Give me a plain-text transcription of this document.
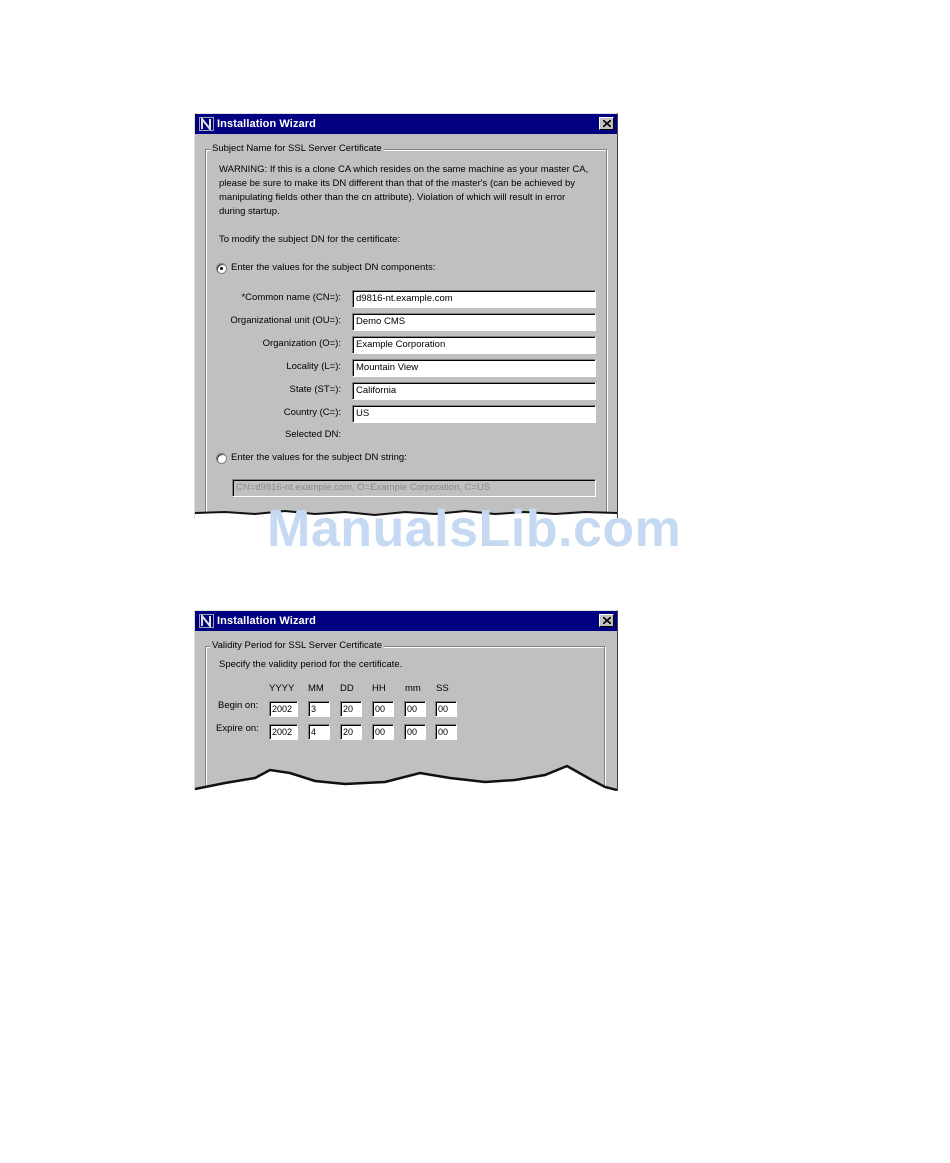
Installation Wizard
Subject Name for SSL Server Certificate
WARNING: If this is a clone CA which resides on the same machine as your master CA,
please be sure to make its DN different than that of the master's (can be achieved by
manipulating fields other than the cn attribute). Violation of which will result in error
during startup.
To modify the subject DN for the certificate:
Enter the values for the subject DN components:
*Common name (CN=):	d9816-nt.example.com
Organizational unit (OU=):	Demo CMS
Organization (O=):	Example Corporation
Locality (L=):	Mountain View
State (ST=):	California
Country (C=):	US
Selected DN:
Enter the values for the subject DN string:
CN=d9816-nt.example.com, O=Example Corporation, C=US
Installation Wizard
Validity Period for SSL Server Certificate
Specify the validity period for the certificate.
YYYY MM DD HH mm SS
Begin on:	2002	3	20	00	00	00
Expire on:	2002	4	20	00	00	00
ManualsLib.com
